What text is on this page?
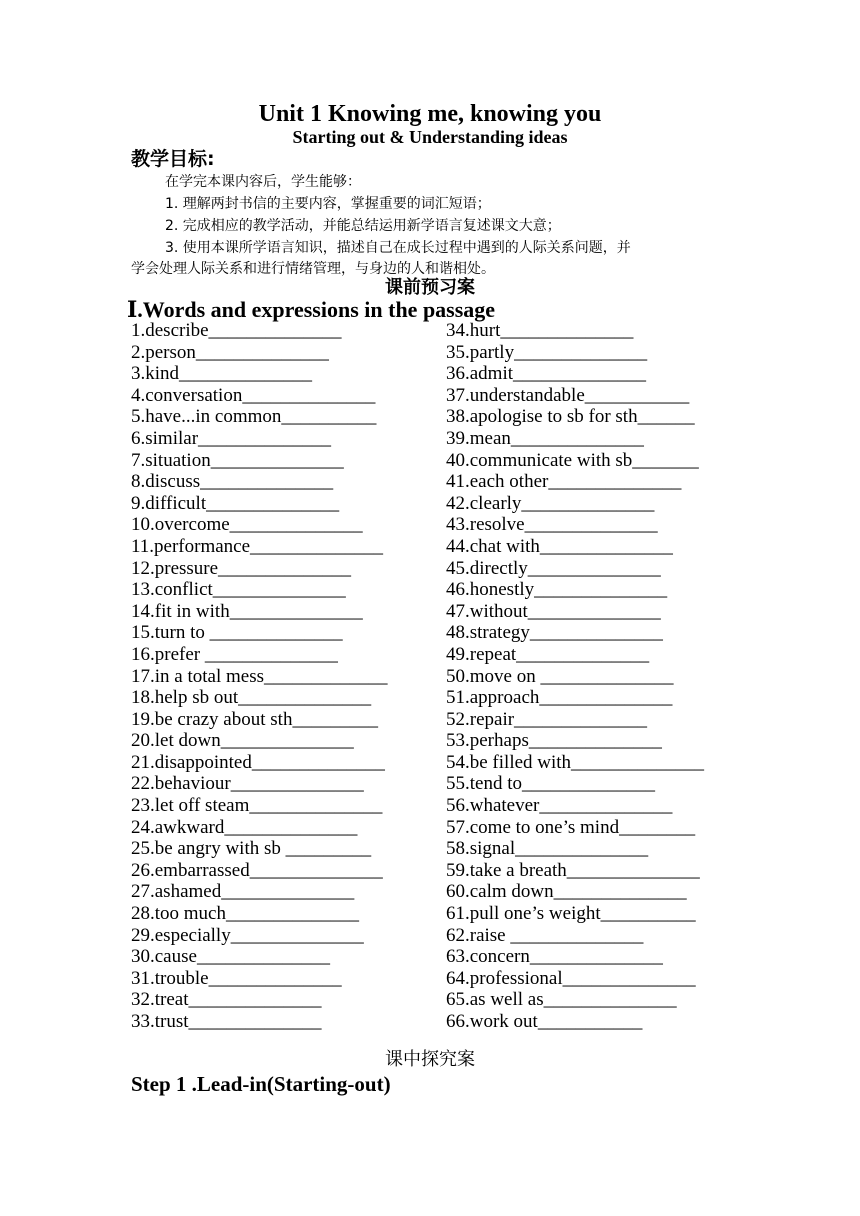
Unit 1 Knowing me, knowing you
Starting out & Understanding ideas
教学目标:
在学完本课内容后，学生能够：
1. 理解两封书信的主要内容，掌握重要的词汇短语；
2. 完成相应的教学活动，并能总结运用新学语言复述课文大意；
3. 使用本课所学语言知识，描述自己在成长过程中遇到的人际关系问题，并
学会处理人际关系和进行情绪管理，与身边的人和谐相处。
课前预习案
Ⅰ.Words and expressions in the passage
1.describe______________
2.person______________
3.kind______________
4.conversation______________
5.have...in common__________
6.similar______________
7.situation______________
8.discuss______________
9.difficult______________
10.overcome______________
11.performance______________
12.pressure______________
13.conflict______________
14.fit in with______________
15.turn to ______________
16.prefer ______________
17.in a total mess_____________
18.help sb out______________
19.be crazy about sth_________
20.let down______________
21.disappointed______________
22.behaviour______________
23.let off steam______________
24.awkward______________
25.be angry with sb _________
26.embarrassed______________
27.ashamed______________
28.too much______________
29.especially______________
30.cause______________
31.trouble______________
32.treat______________
33.trust______________
34.hurt______________
35.partly______________
36.admit______________
37.understandable___________
38.apologise to sb for sth______
39.mean______________
40.communicate with sb_______
41.each other______________
42.clearly______________
43.resolve______________
44.chat with______________
45.directly______________
46.honestly______________
47.without______________
48.strategy______________
49.repeat______________
50.move on ______________
51.approach______________
52.repair______________
53.perhaps______________
54.be filled with______________
55.tend to______________
56.whatever______________
57.come to one’s mind________
58.signal______________
59.take a breath______________
60.calm down______________
61.pull one’s weight__________
62.raise ______________
63.concern______________
64.professional______________
65.as well as______________
66.work out___________
课中探究案
Step 1 .Lead-in(Starting-out)
